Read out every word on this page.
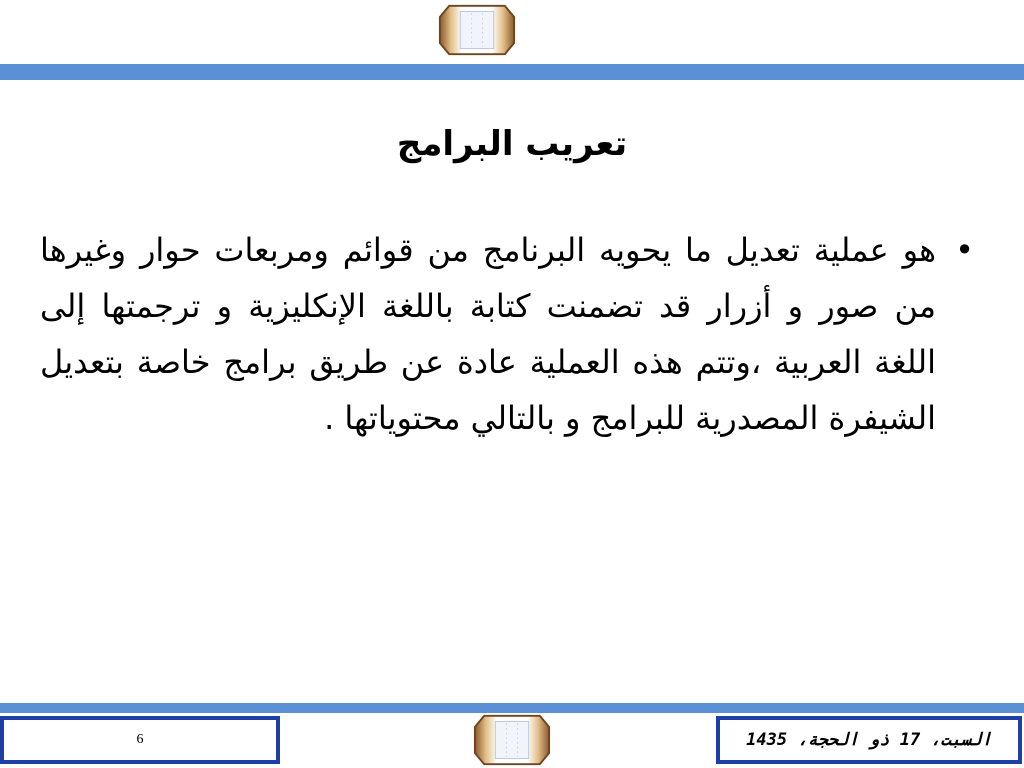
تعريب البرامج

•
هو عملية تعديل ما يحويه البرنامج من قوائم ومربعات حوار وغيرها من صور و أزرار قد تضمنت كتابة باللغة الإنكليزية و ترجمتها إلى اللغة العربية ،وتتم هذه العملية عادة عن طريق برامج خاصة بتعديل الشيفرة المصدرية للبرامج و بالتالي محتوياتها .

6	السبت، 17 ذو الحجة، 1435
